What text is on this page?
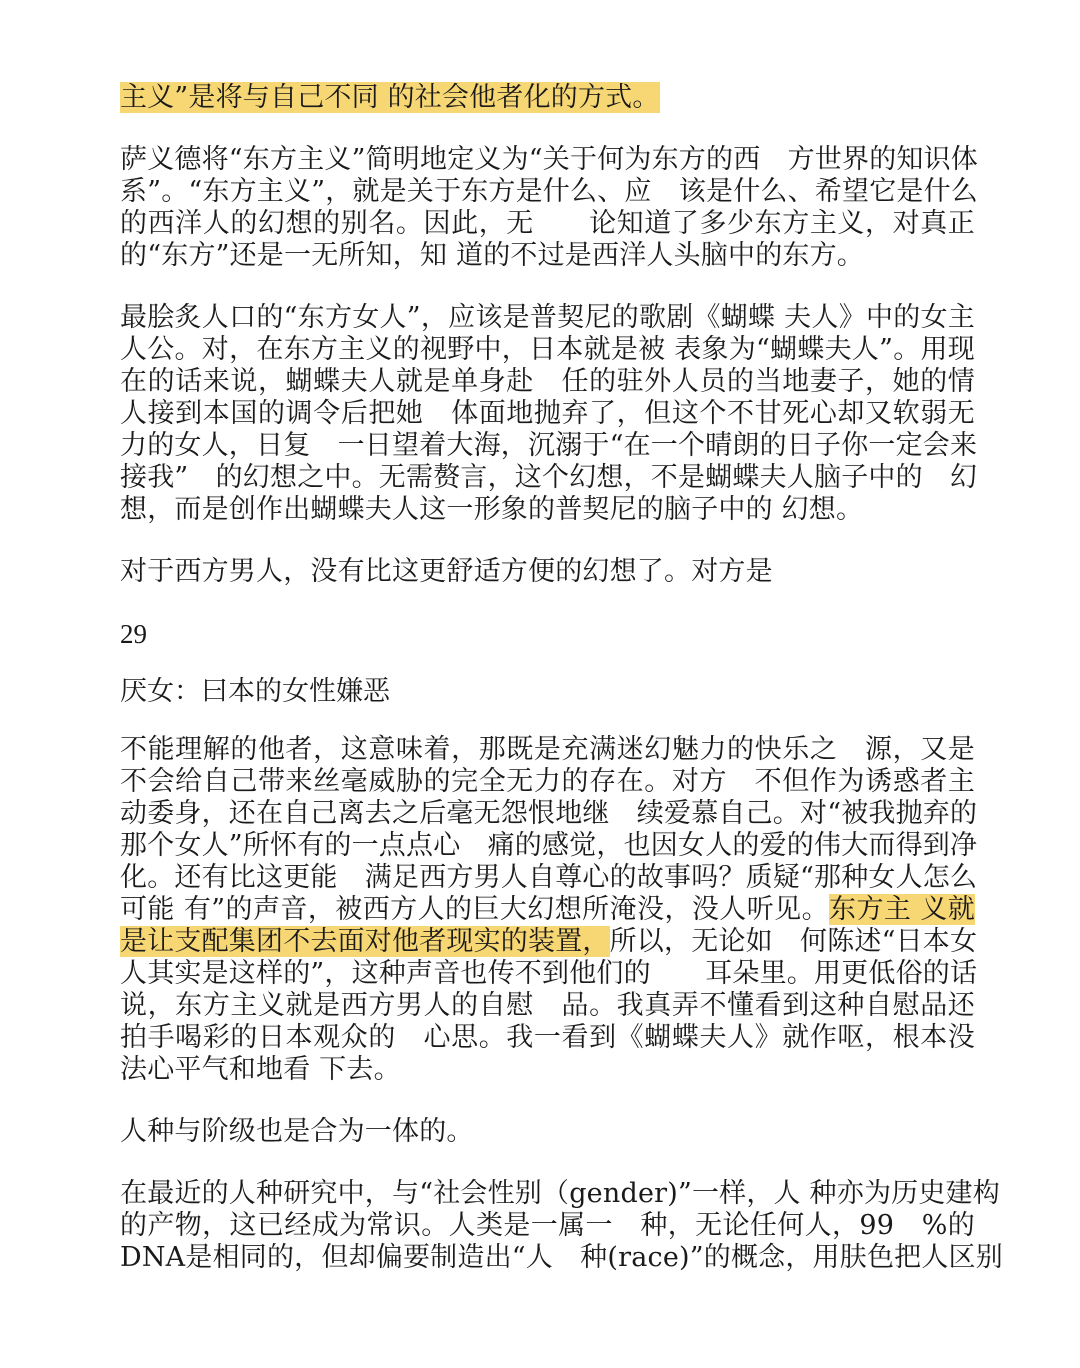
主义”是将与自己不同 的社会他者化的方式。
萨义德将“东方主义”简明地定义为“关于何为东方的西　方世界的知识体
系”。“东方主义”，就是关于东方是什么、应　该是什么、希望它是什么
的西洋人的幻想的别名。因此，无　　论知道了多少东方主义，对真正
的“东方”还是一无所知，知 道的不过是西洋人头脑中的东方。
最脍炙人口的“东方女人”，应该是普契尼的歌剧《蝴蝶 夫人》中的女主
人公。对，在东方主义的视野中，日本就是被 表象为“蝴蝶夫人”。用现
在的话来说，蝴蝶夫人就是单身赴　任的驻外人员的当地妻子，她的情
人接到本国的调令后把她　体面地抛弃了，但这个不甘死心却又软弱无
力的女人，日复　一日望着大海，沉溺于“在一个晴朗的日子你一定会来
接我”　的幻想之中。无需赘言，这个幻想，不是蝴蝶夫人脑子中的　幻
想，而是创作出蝴蝶夫人这一形象的普契尼的脑子中的 幻想。
对于西方男人，没有比这更舒适方便的幻想了。对方是
29
厌女：曰本的女性嫌恶
不能理解的他者，这意味着，那既是充满迷幻魅力的快乐之　源，又是
不会给自己带来丝毫威胁的完全无力的存在。对方　不但作为诱惑者主
动委身，还在自己离去之后毫无怨恨地继　续爱慕自己。对“被我抛弃的
那个女人”所怀有的一点点心　痛的感觉，也因女人的爱的伟大而得到净
化。还有比这更能　满足西方男人自尊心的故事吗？质疑“那种女人怎么
可能 有”的声音，被西方人的巨大幻想所淹没，没人听见。东方主 义就
是让支配集团不去面对他者现实的装置，所以，无论如　何陈述“日本女
人其实是这样的”，这种声音也传不到他们的　　耳朵里。用更低俗的话
说，东方主义就是西方男人的自慰　品。我真弄不懂看到这种自慰品还
拍手喝彩的日本观众的　心思。我一看到《蝴蝶夫人》就作呕，根本没
法心平气和地看 下去。
人种与阶级也是合为一体的。
在最近的人种研究中，与“社会性别（gender)”一样，人 种亦为历史建构
的产物，这已经成为常识。人类是一属一　种，无论任何人，99　%的
DNA是相同的，但却偏要制造出“人　种(race)”的概念，用肤色把人区别
